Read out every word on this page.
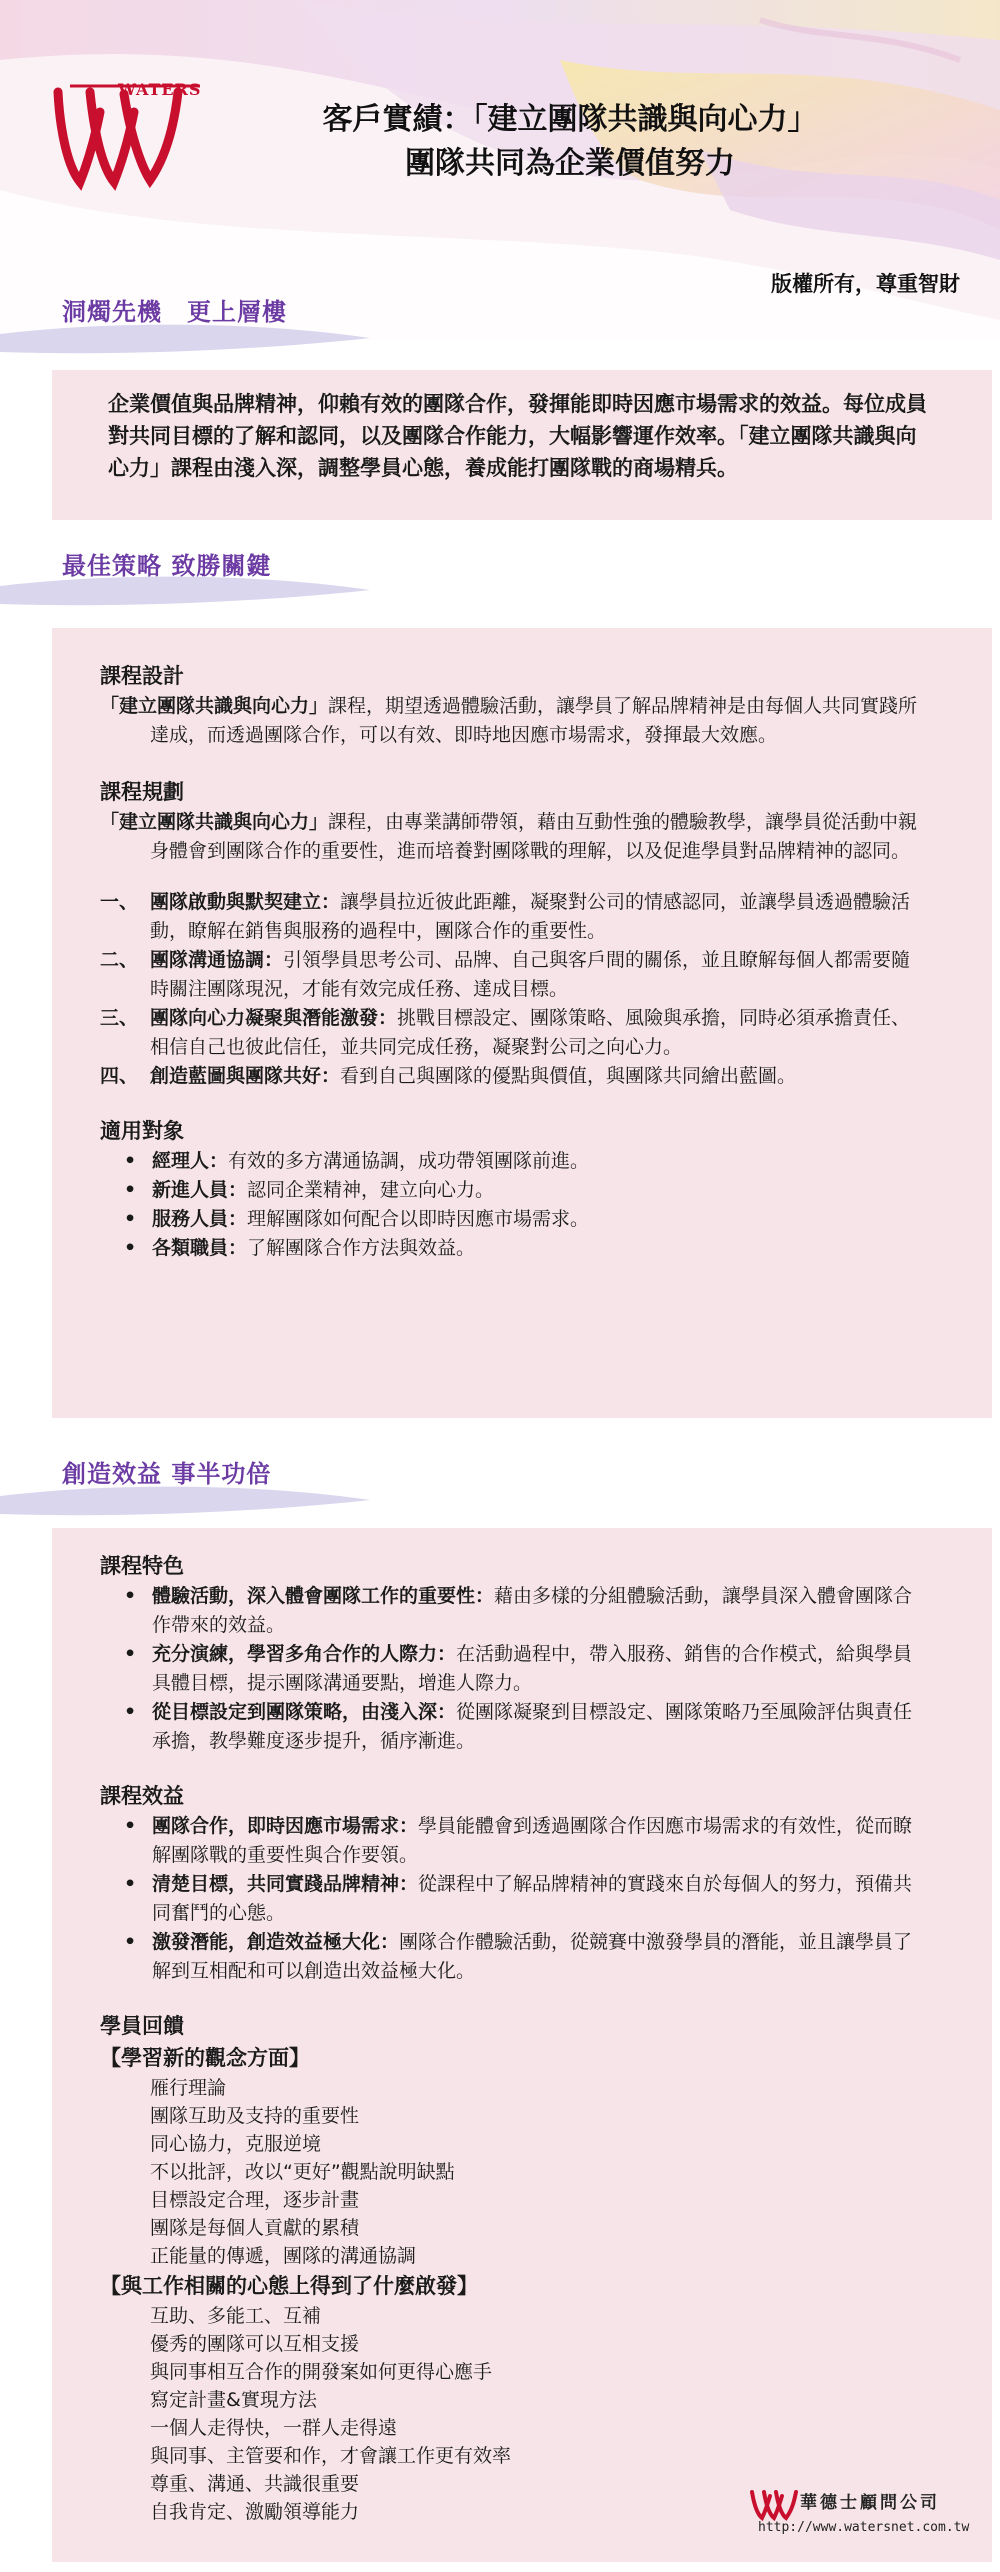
WATERS
客戶實績：「建立團隊共識與向心力」
團隊共同為企業價值努力
版權所有，尊重智財
洞燭先機　更上層樓
企業價值與品牌精神，仰賴有效的團隊合作，發揮能即時因應市場需求的效益。每位成員對共同目標的了解和認同，以及團隊合作能力，大幅影響運作效率。「建立團隊共識與向心力」課程由淺入深，調整學員心態，養成能打團隊戰的商場精兵。
最佳策略 致勝關鍵
課程設計

「建立團隊共識與向心力」課程，期望透過體驗活動，讓學員了解品牌精神是由每個人共同實踐所達成，而透過團隊合作，可以有效、即時地因應市場需求，發揮最大效應。

課程規劃

「建立團隊共識與向心力」課程，由專業講師帶領，藉由互動性強的體驗教學，讓學員從活動中親身體會到團隊合作的重要性，進而培養對團隊戰的理解，以及促進學員對品牌精神的認同。

一、 團隊啟動與默契建立：讓學員拉近彼此距離，凝聚對公司的情感認同，並讓學員透過體驗活動，瞭解在銷售與服務的過程中，團隊合作的重要性。
二、 團隊溝通協調：引領學員思考公司、品牌、自己與客戶間的關係，並且瞭解每個人都需要隨時關注團隊現況，才能有效完成任務、達成目標。
三、 團隊向心力凝聚與潛能激發：挑戰目標設定、團隊策略、風險與承擔，同時必須承擔責任、相信自己也彼此信任，並共同完成任務，凝聚對公司之向心力。
四、 創造藍圖與團隊共好：看到自己與團隊的優點與價值，與團隊共同繪出藍圖。
適用對象
• 經理人：有效的多方溝通協調，成功帶領團隊前進。
• 新進人員：認同企業精神，建立向心力。
• 服務人員：理解團隊如何配合以即時因應市場需求。
• 各類職員：了解團隊合作方法與效益。
創造效益 事半功倍
課程特色
• 體驗活動，深入體會團隊工作的重要性：藉由多樣的分組體驗活動，讓學員深入體會團隊合作帶來的效益。
• 充分演練，學習多角合作的人際力：在活動過程中，帶入服務、銷售的合作模式，給與學員具體目標，提示團隊溝通要點，增進人際力。
• 從目標設定到團隊策略，由淺入深：從團隊凝聚到目標設定、團隊策略乃至風險評估與責任承擔，教學難度逐步提升，循序漸進。
課程效益
• 團隊合作，即時因應市場需求：學員能體會到透過團隊合作因應市場需求的有效性，從而瞭解團隊戰的重要性與合作要領。
• 清楚目標，共同實踐品牌精神：從課程中了解品牌精神的實踐來自於每個人的努力，預備共同奮鬥的心態。
• 激發潛能，創造效益極大化：團隊合作體驗活動，從競賽中激發學員的潛能，並且讓學員了解到互相配和可以創造出效益極大化。
學員回饋
【學習新的觀念方面】
雁行理論
團隊互助及支持的重要性
同心協力，克服逆境
不以批評，改以“更好”觀點說明缺點
目標設定合理，逐步計畫
團隊是每個人貢獻的累積
正能量的傳遞，團隊的溝通協調
【與工作相關的心態上得到了什麼啟發】
互助、多能工、互補
優秀的團隊可以互相支援
與同事相互合作的開發案如何更得心應手
寫定計畫&實現方法
一個人走得快，一群人走得遠
與同事、主管要和作，才會讓工作更有效率
尊重、溝通、共識很重要
自我肯定、激勵領導能力	華德士顧問公司
http://www.watersnet.com.tw
